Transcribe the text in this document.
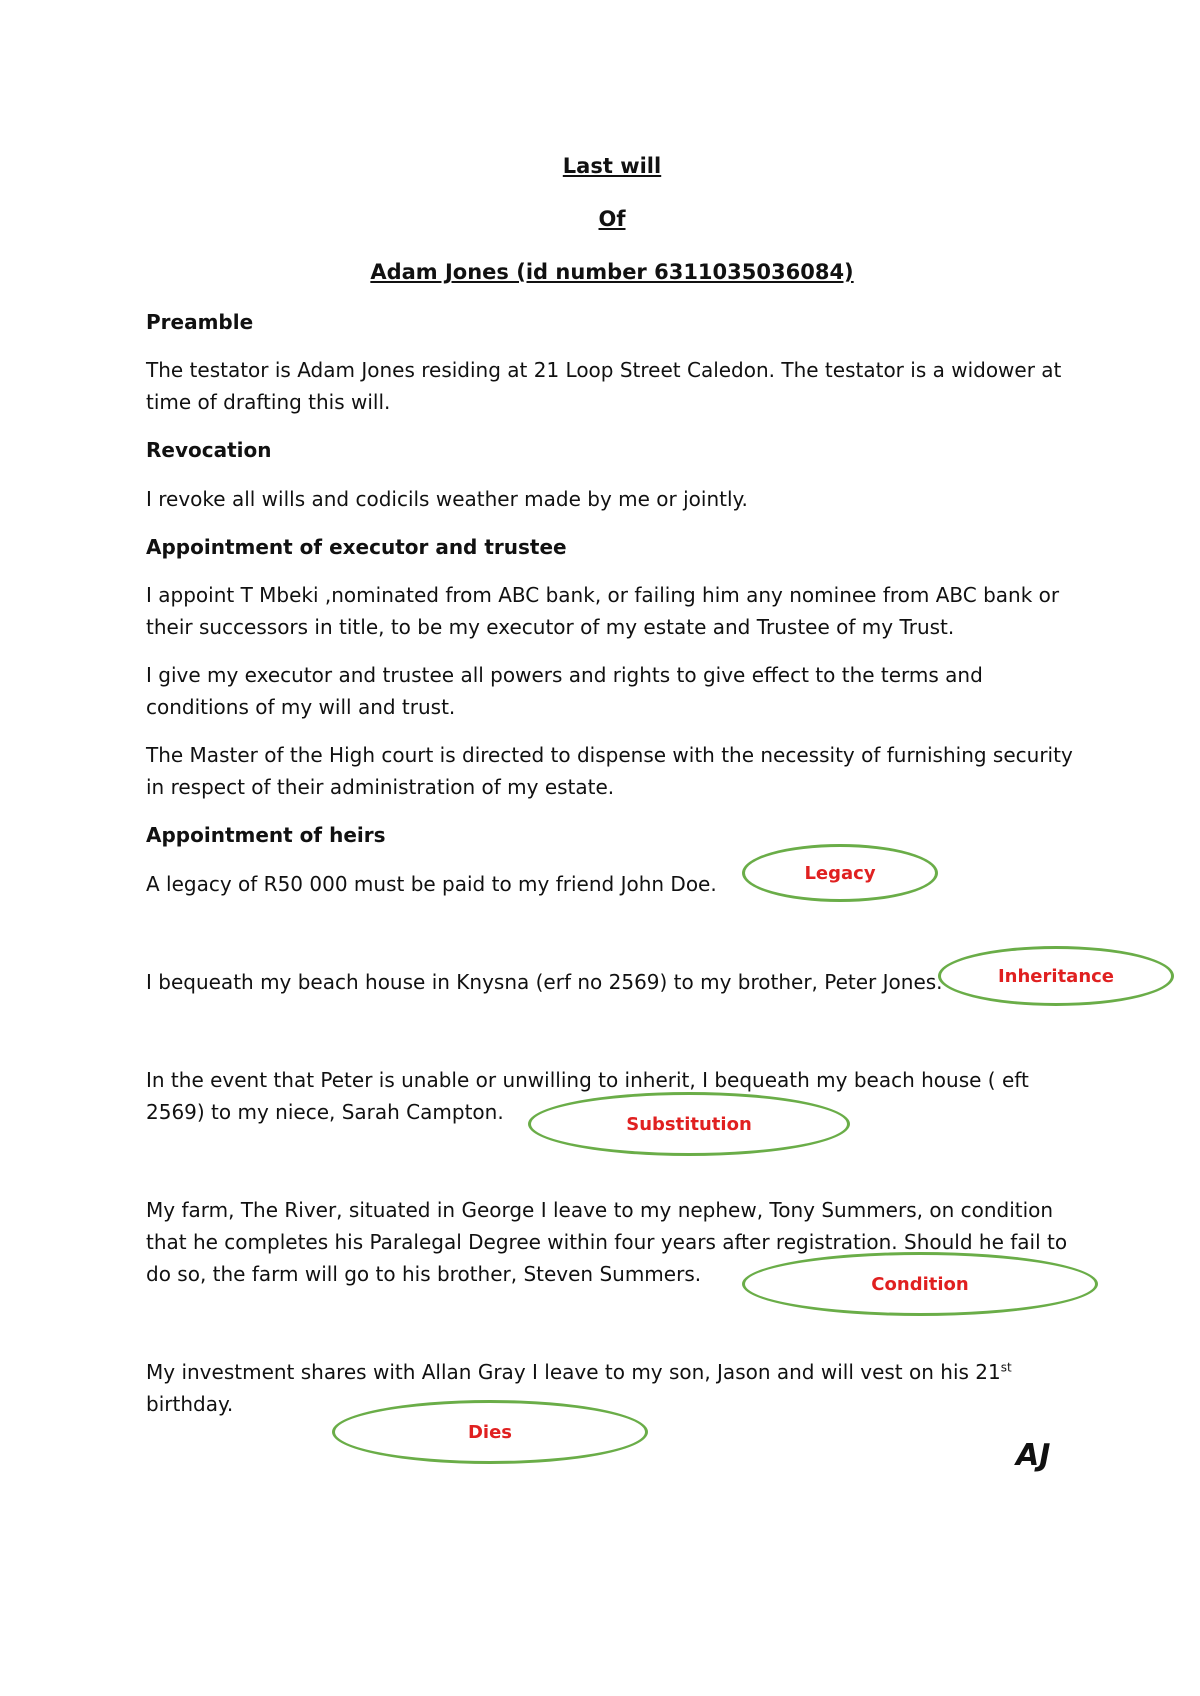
Last will

Of

Adam Jones (id number 6311035036084)

Preamble

The testator is Adam Jones residing at 21 Loop Street Caledon. The testator is a widower at

time of drafting this will.

Revocation

I revoke all wills and codicils weather made by me or jointly.

Appointment of executor and trustee

I appoint T Mbeki ,nominated from ABC bank, or failing him any nominee from ABC bank or

their successors in title, to be my executor of my estate and Trustee of my Trust.

I give my executor and trustee all powers and rights to give effect to the terms and

conditions of my will and trust.

The Master of the High court is directed to dispense with the necessity of furnishing security

in respect of their administration of my estate.

Appointment of heirs

A legacy of R50 000 must be paid to my friend John Doe.

I bequeath my beach house in Knysna (erf no 2569) to my brother, Peter Jones.

In the event that Peter is unable or unwilling to inherit, I bequeath my beach house ( eft

2569) to my niece, Sarah Campton.

My farm, The River, situated in George I leave to my nephew, Tony Summers, on condition

that he completes his Paralegal Degree within four years after registration. Should he fail to

do so, the farm will go to his brother, Steven Summers.

My investment shares with Allan Gray I leave to my son, Jason and will vest on his 21st

birthday.

Legacy
Inheritance
Substitution
Condition
Dies
AJ
